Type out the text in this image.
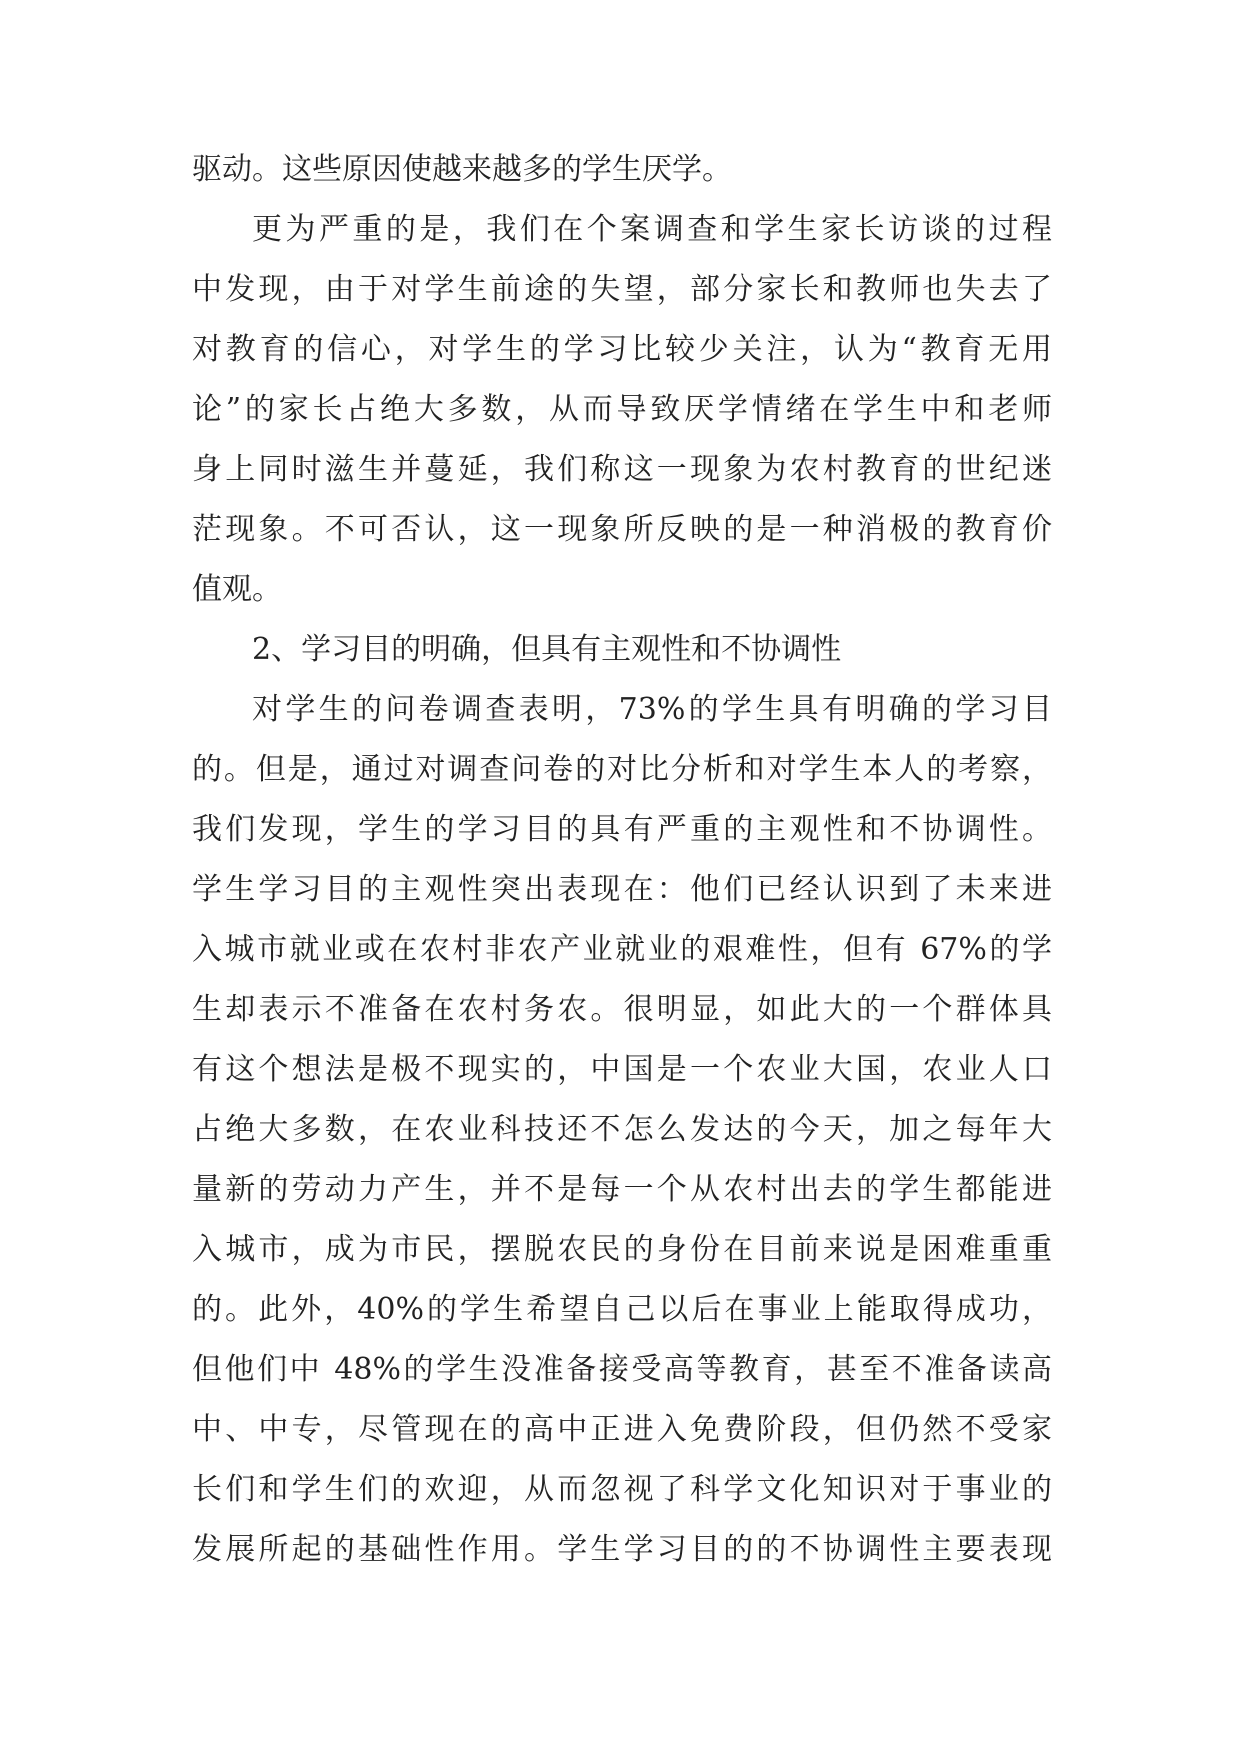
驱动。这些原因使越来越多的学生厌学。
更为严重的是，我们在个案调查和学生家长访谈的过程
中发现，由于对学生前途的失望，部分家长和教师也失去了
对教育的信心，对学生的学习比较少关注，认为“教育无用
论”的家长占绝大多数，从而导致厌学情绪在学生中和老师
身上同时滋生并蔓延，我们称这一现象为农村教育的世纪迷
茫现象。不可否认，这一现象所反映的是一种消极的教育价
值观。
2、学习目的明确，但具有主观性和不协调性
对学生的问卷调查表明，73%的学生具有明确的学习目
的。但是，通过对调查问卷的对比分析和对学生本人的考察，
我们发现，学生的学习目的具有严重的主观性和不协调性。
学生学习目的主观性突出表现在：他们已经认识到了未来进
入城市就业或在农村非农产业就业的艰难性，但有 67%的学
生却表示不准备在农村务农。很明显，如此大的一个群体具
有这个想法是极不现实的，中国是一个农业大国，农业人口
占绝大多数，在农业科技还不怎么发达的今天，加之每年大
量新的劳动力产生，并不是每一个从农村出去的学生都能进
入城市，成为市民，摆脱农民的身份在目前来说是困难重重
的。此外，40%的学生希望自己以后在事业上能取得成功，
但他们中 48%的学生没准备接受高等教育，甚至不准备读高
中、中专，尽管现在的高中正进入免费阶段，但仍然不受家
长们和学生们的欢迎，从而忽视了科学文化知识对于事业的
发展所起的基础性作用。学生学习目的的不协调性主要表现
